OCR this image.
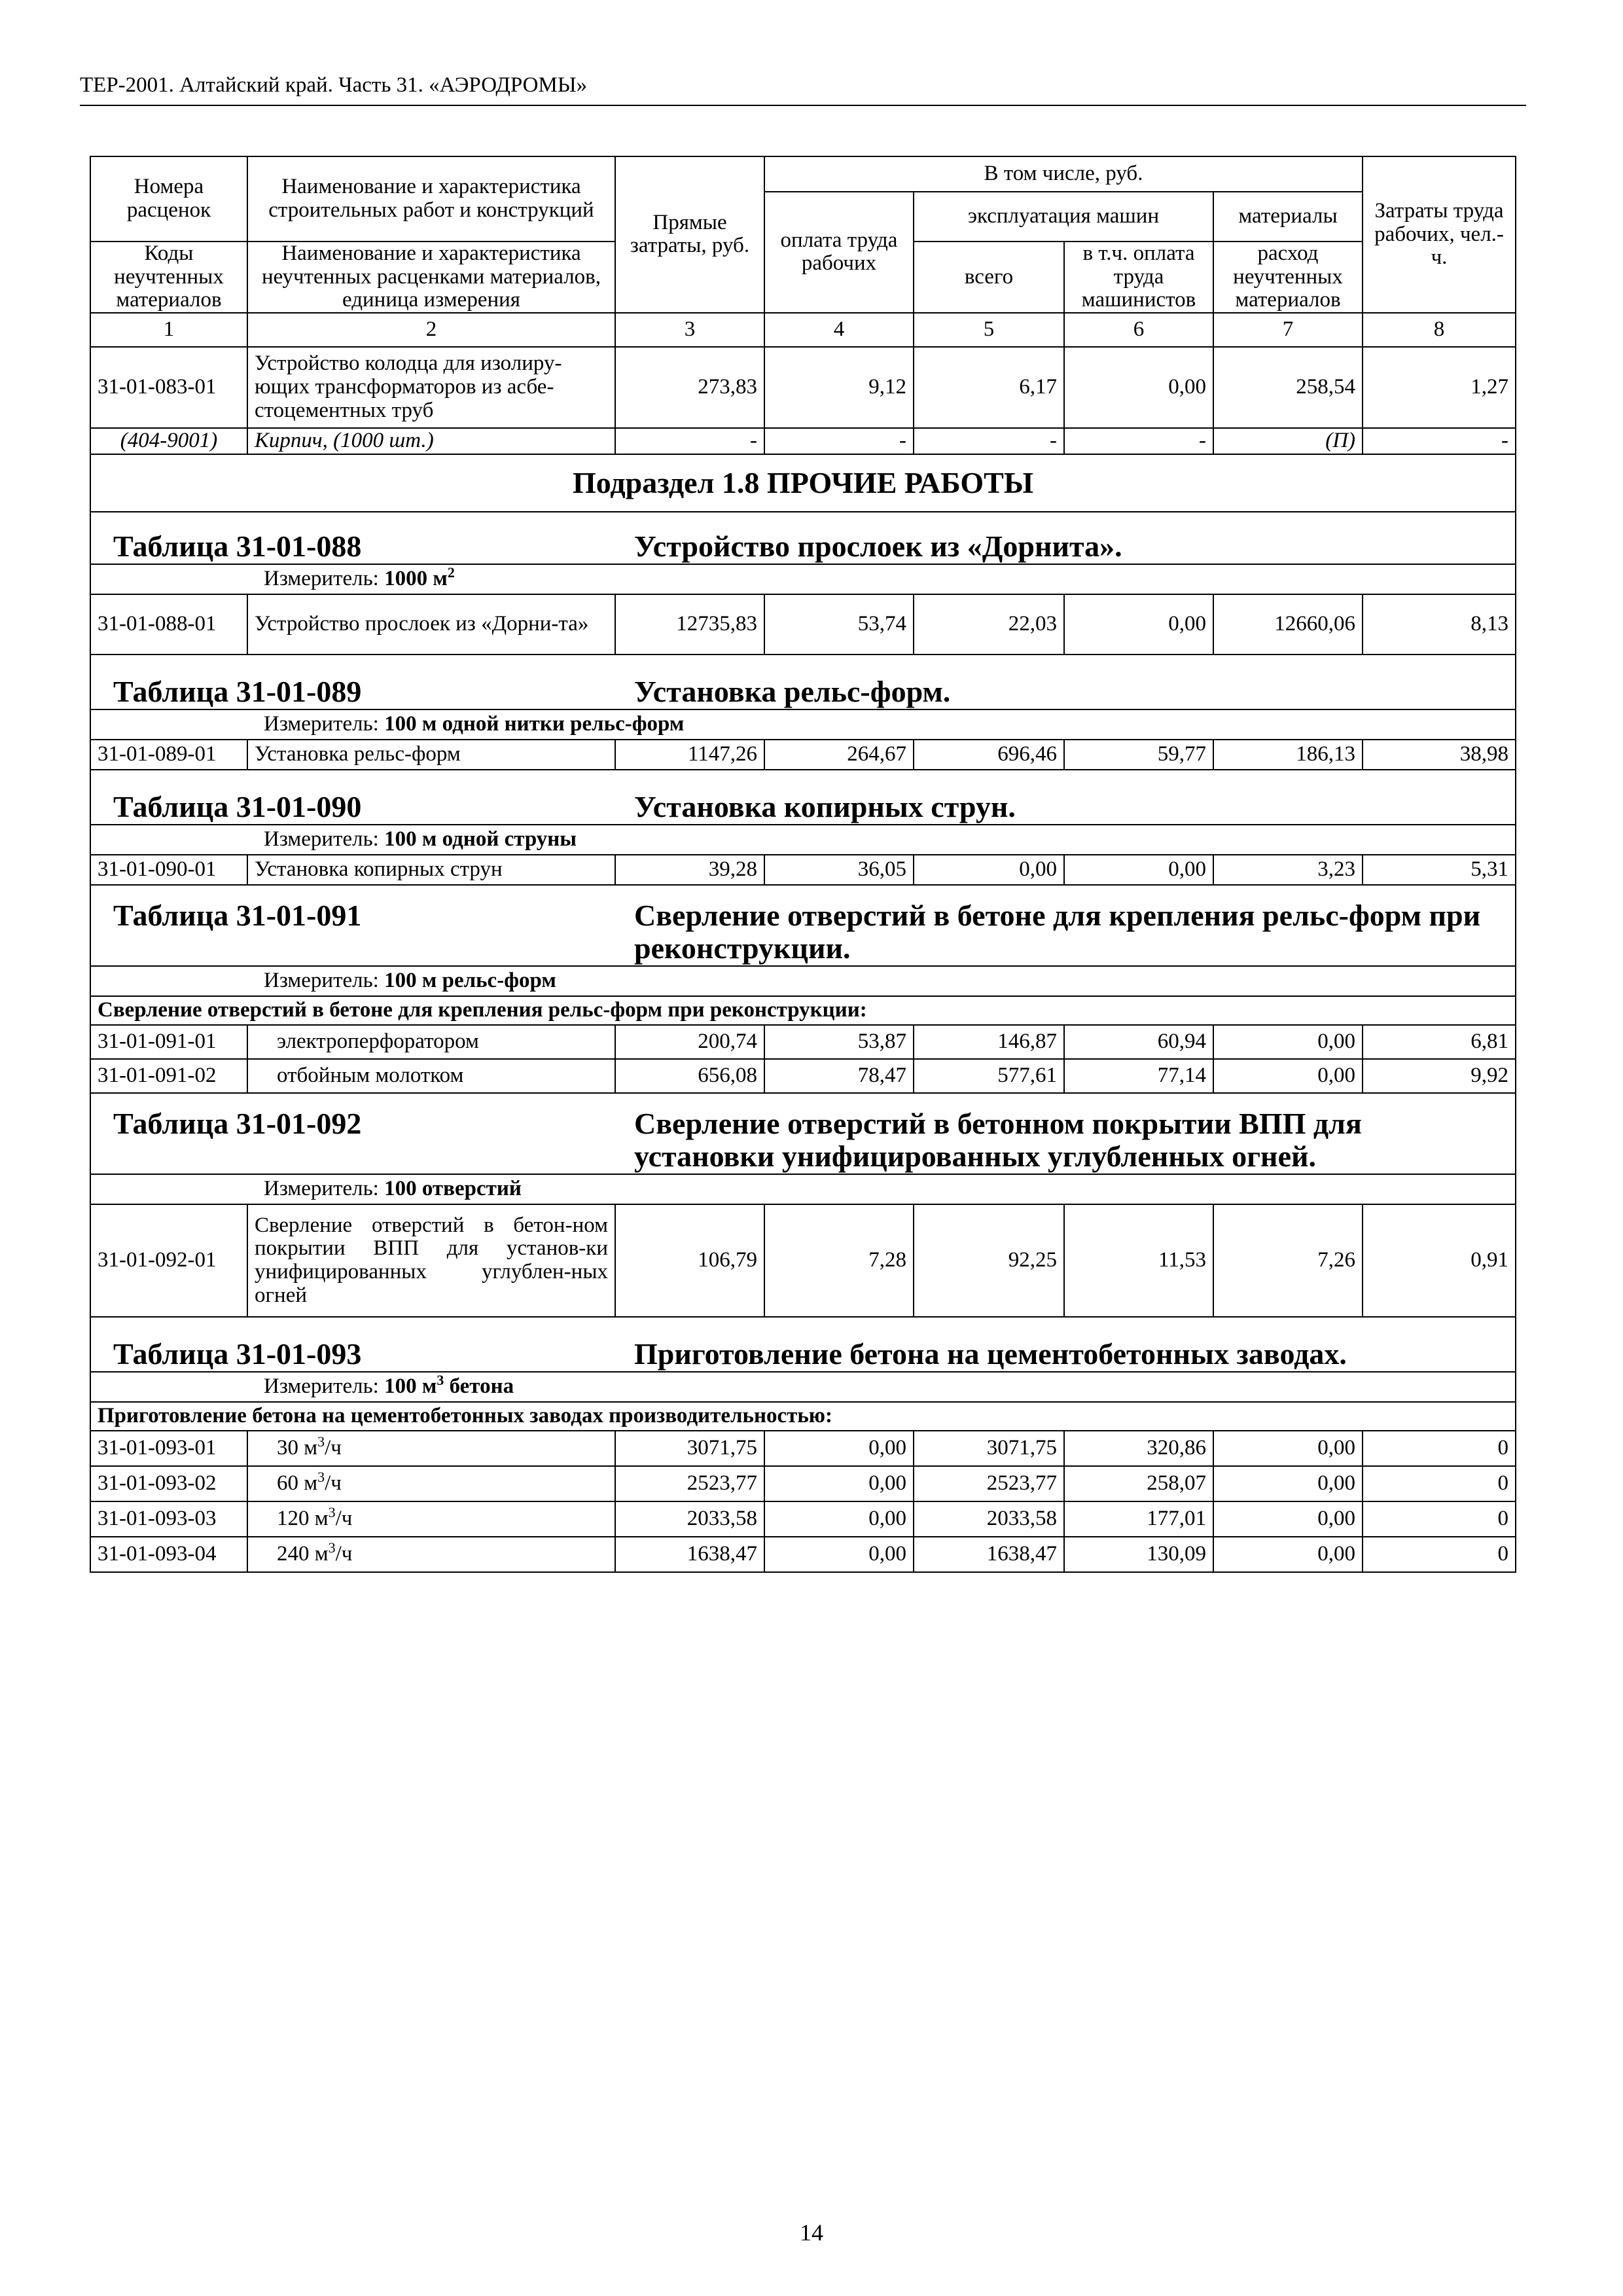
ТЕР-2001. Алтайский край. Часть 31. «АЭРОДРОМЫ»
Номера расценок	Наименование и характеристика строительных работ и конструкций	Прямые затраты, руб.	В том числе, руб.				Затраты труда рабочих, чел.-ч.
			оплата труда рабочих	эксплуатация машин		материалы	
Коды неучтенных материалов	Наименование и характеристика неучтенных расценками материалов, единица измерения			всего	в т.ч. оплата труда машинистов	расход неучтенных материалов	
1	2	3	4	5	6	7	8
31-01-083-01	Устройство колодца для изолиру-ющих трансформаторов из асбе-стоцементных труб	273,83	9,12	6,17	0,00	258,54	1,27
(404-9001)	Кирпич, (1000 шт.)	-	-	-	-	(П)	-

Подраздел 1.8 ПРОЧИЕ РАБОТЫ							

Таблица 31-01-088 Устройство прослоек из «Дорнита».							

Измеритель: 1000 $м^2$

31-01-088-01	Устройство прослоек из «Дорни-та»	12735,83	53,74	22,03	0,00	12660,06	8,13

Таблица 31-01-089 Установка рельс-форм.							

Измеритель: 100 м одной нитки рельс-форм							

31-01-089-01	Установка рельс-форм	1147,26	264,67	696,46	59,77	186,13	38,98

Таблица 31-01-090 Установка копирных струн.							

Измеритель: 100 м одной струны							

31-01-090-01	Установка копирных струн	39,28	36,05	0,00	0,00	3,23	5,31

Таблица 31-01-091 Сверление отверстий в бетоне для крепления рельс-форм при реконструкции.							

Измеритель: 100 м рельс-форм							

Сверление отверстий в бетоне для крепления рельс-форм при реконструкции:							
31-01-091-01	электроперфоратором	200,74	53,87	146,87	60,94	0,00	6,81
31-01-091-02	отбойным молотком	656,08	78,47	577,61	77,14	0,00	9,92

Таблица 31-01-092 Сверление отверстий в бетонном покрытии ВПП для установки унифицированных углубленных огней.							

Измеритель: 100 отверстий							

31-01-092-01	Сверление отверстий в бетон-ном покрытии ВПП для установ-ки унифицированных углублен-ных огней	106,79	7,28	92,25	11,53	7,26	0,91

Таблица 31-01-093 Приготовление бетона на цементобетонных заводах.							

Измеритель: 100 $м^3$ бетона							

Приготовление бетона на цементобетонных заводах производительностью:							
31-01-093-01	30 $м^3/ч$	3071,75	0,00	3071,75	320,86	0,00	0
31-01-093-02	60 $м^3/ч$	2523,77	0,00	2523,77	258,07	0,00	0
31-01-093-03	120 $м^3/ч$	2033,58	0,00	2033,58	177,01	0,00	0
31-01-093-04	240 $м^3/ч$	1638,47	0,00	1638,47	130,09	0,00	0
14
